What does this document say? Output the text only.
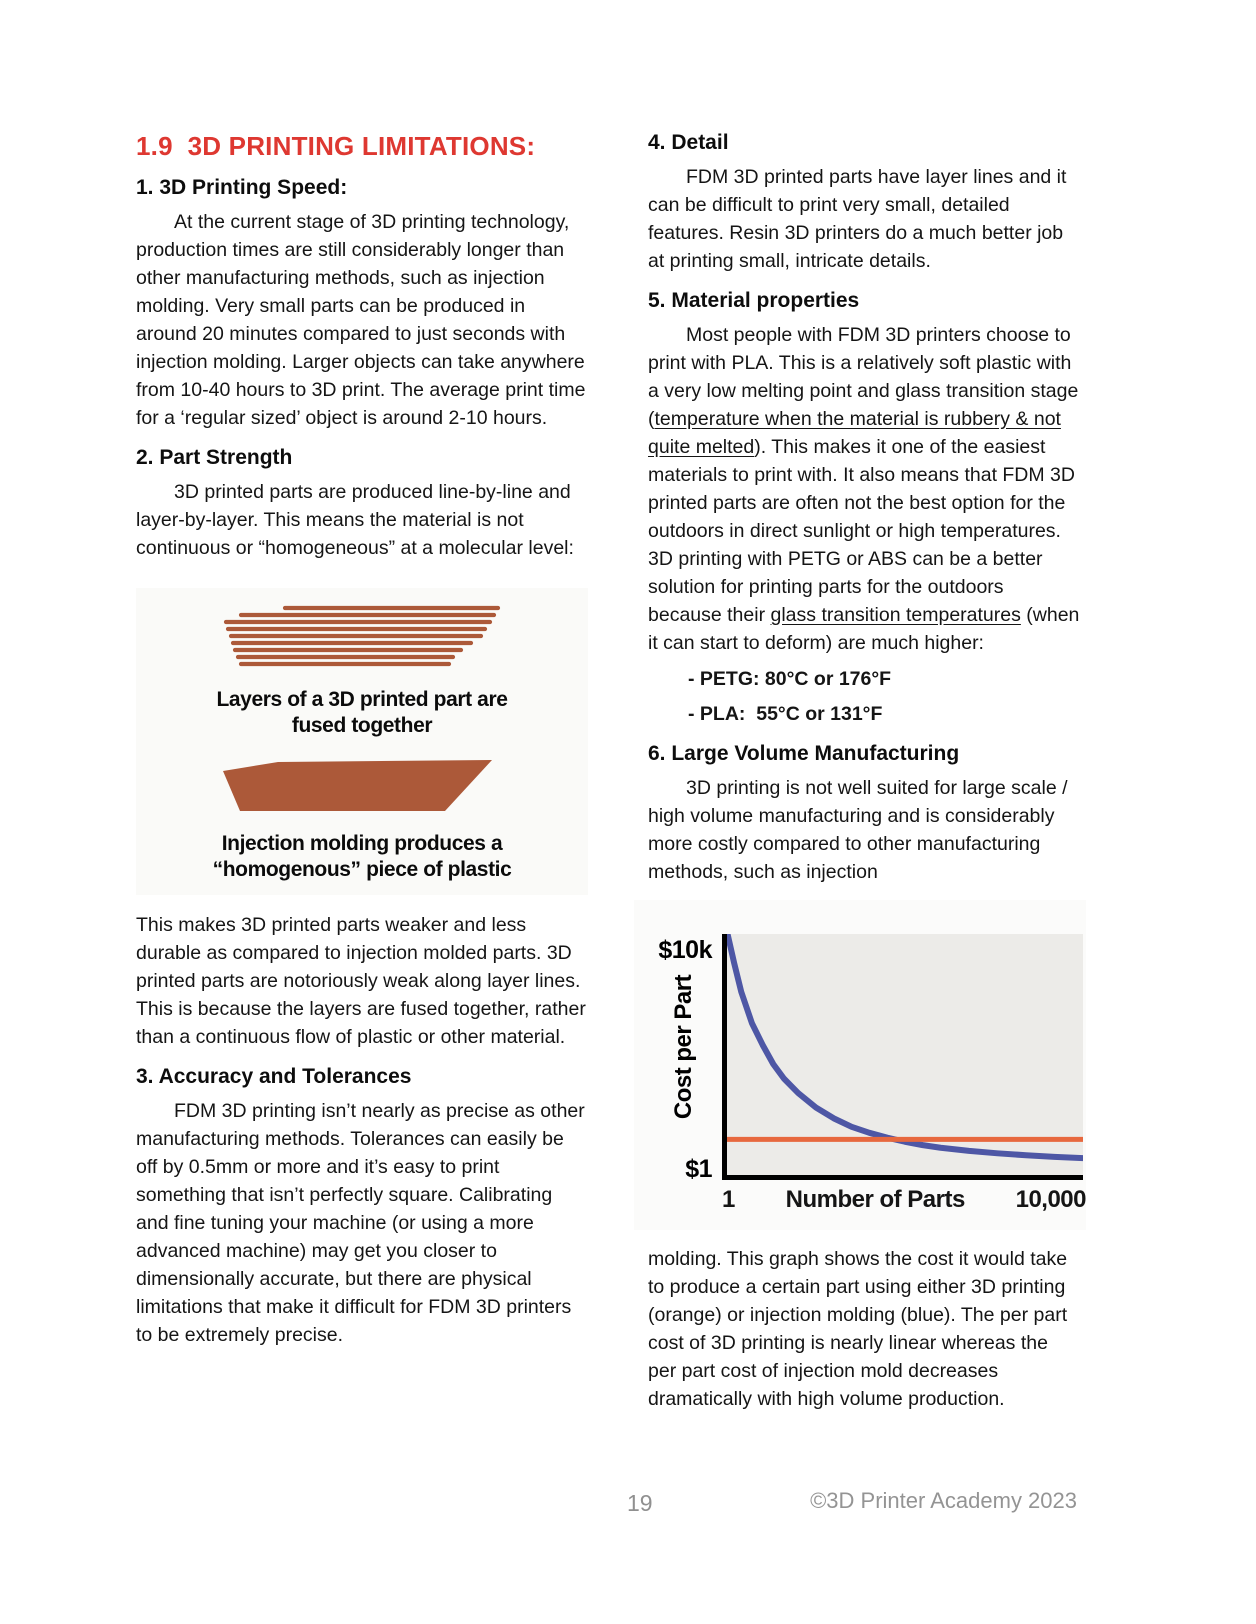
1.9  3D PRINTING LIMITATIONS:
1. 3D Printing Speed:

At the current stage of 3D printing technology, production times are still considerably longer than other manufacturing methods, such as injection molding. Very small parts can be produced in around 20 minutes compared to just seconds with injection molding. Larger objects can take anywhere from 10-40 hours to 3D print. The average print time for a ‘regular sized’ object is around 2-10 hours.

2. Part Strength

3D printed parts are produced line-by-line and layer-by-layer. This means the material is not continuous or “homogeneous” at a molecular level:

Layers of a 3D printed part are fused together
Injection molding produces a “homogenous” piece of plastic

This makes 3D printed parts weaker and less durable as compared to injection molded parts. 3D printed parts are notoriously weak along layer lines. This is because the layers are fused together, rather than a continuous flow of plastic or other material.

3. Accuracy and Tolerances

FDM 3D printing isn’t nearly as precise as other manufacturing methods. Tolerances can easily be off by 0.5mm or more and it’s easy to print something that isn’t perfectly square. Calibrating and fine tuning your machine (or using a more advanced machine) may get you closer to dimensionally accurate, but there are physical limitations that make it difficult for FDM 3D printers to be extremely precise.

4. Detail

FDM 3D printed parts have layer lines and it can be difficult to print very small, detailed features. Resin 3D printers do a much better job at printing small, intricate details.

5. Material properties

Most people with FDM 3D printers choose to print with PLA. This is a relatively soft plastic with a very low melting point and glass transition stage (temperature when the material is rubbery & not quite melted). This makes it one of the easiest materials to print with. It also means that FDM 3D printed parts are often not the best option for the outdoors in direct sunlight or high temperatures. 3D printing with PETG or ABS can be a better solution for printing parts for the outdoors because their glass transition temperatures (when it can start to deform) are much higher:

- PETG: 80°C or 176°F
- PLA:  55°C or 131°F
6. Large Volume Manufacturing

3D printing is not well suited for large scale / high volume manufacturing and is considerably more costly compared to other manufacturing methods, such as injection

$10k
Cost per Part
$1
1 Number of Parts 10,000

molding. This graph shows the cost it would take to produce a certain part using either 3D printing (orange) or injection molding (blue). The per part cost of 3D printing is nearly linear whereas the per part cost of injection mold decreases dramatically with high volume production.

19	©3D Printer Academy 2023
